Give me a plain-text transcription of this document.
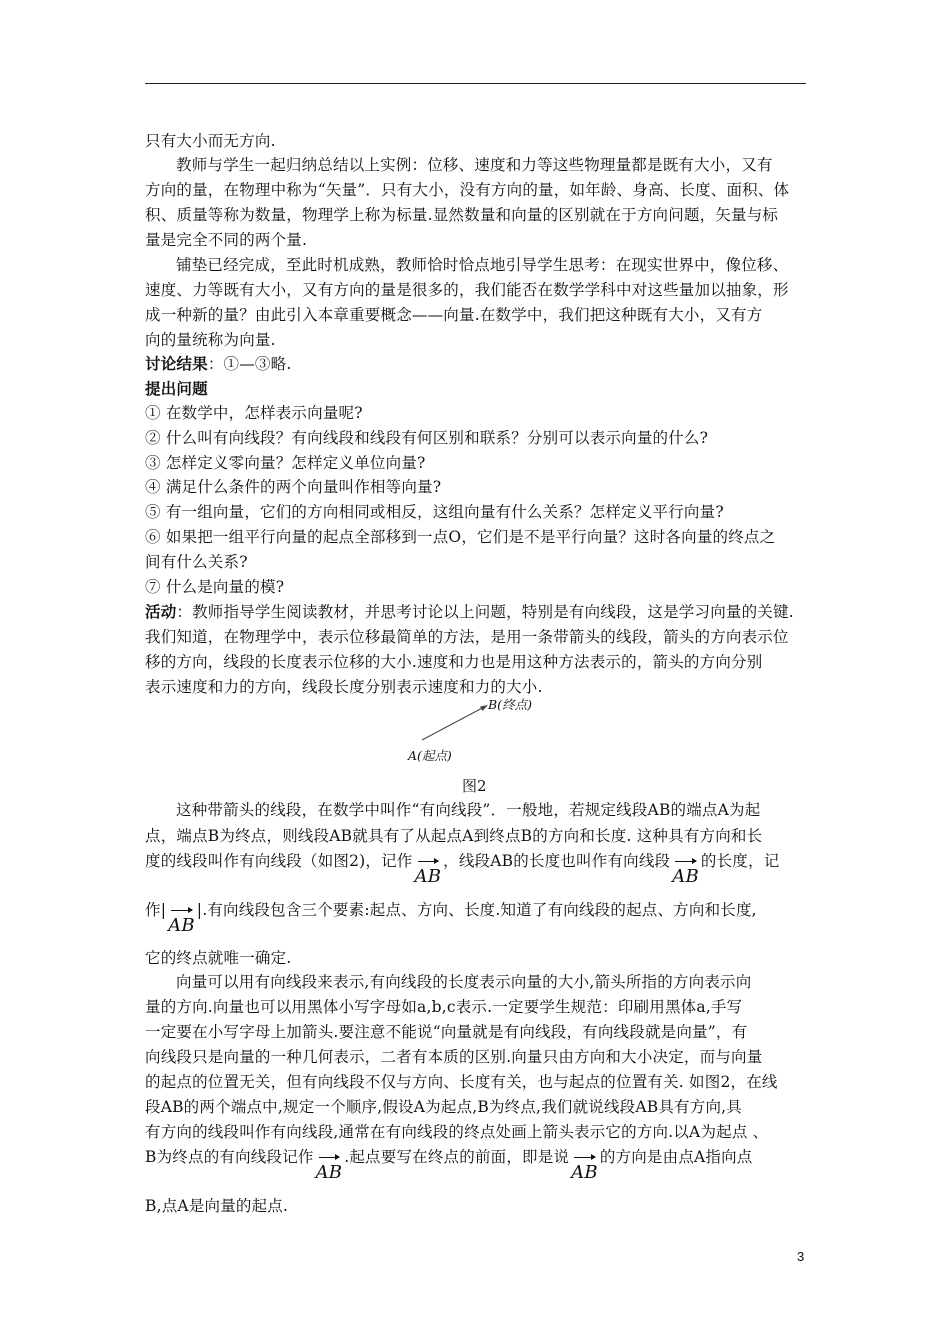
只有大小而无方向.
教师与学生一起归纳总结以上实例：位移、速度和力等这些物理量都是既有大小，又有
方向的量，在物理中称为“矢量”．只有大小，没有方向的量，如年龄、身高、长度、面积、体
积、质量等称为数量，物理学上称为标量.显然数量和向量的区别就在于方向问题，矢量与标
量是完全不同的两个量.
铺垫已经完成，至此时机成熟，教师恰时恰点地引导学生思考：在现实世界中，像位移、
速度、力等既有大小，又有方向的量是很多的，我们能否在数学学科中对这些量加以抽象，形
成一种新的量？由此引入本章重要概念——向量.在数学中，我们把这种既有大小，又有方
向的量统称为向量.
讨论结果：①—③略.
提出问题
① 在数学中，怎样表示向量呢?
② 什么叫有向线段？有向线段和线段有何区别和联系？分别可以表示向量的什么?
③ 怎样定义零向量？怎样定义单位向量?
④ 满足什么条件的两个向量叫作相等向量?
⑤ 有一组向量，它们的方向相同或相反，这组向量有什么关系？怎样定义平行向量?
⑥ 如果把一组平行向量的起点全部移到一点O，它们是不是平行向量？这时各向量的终点之
间有什么关系?
⑦ 什么是向量的模?
活动：教师指导学生阅读教材，并思考讨论以上问题，特别是有向线段，这是学习向量的关键.
我们知道，在物理学中，表示位移最简单的方法，是用一条带箭头的线段，箭头的方向表示位
移的方向，线段的长度表示位移的大小.速度和力也是用这种方法表示的，箭头的方向分别
表示速度和力的方向，线段长度分别表示速度和力的大小.
B(终点)
A(起点)
图2
这种带箭头的线段，在数学中叫作“有向线段”．一般地，若规定线段AB的端点A为起
点，端点B为终点，则线段AB就具有了从起点A到终点B的方向和长度. 这种具有方向和长
度的线段叫作有向线段（如图2)，记作AB，线段AB的长度也叫作有向线段AB的长度，记
作|AB|.有向线段包含三个要素:起点、方向、长度.知道了有向线段的起点、方向和长度,
它的终点就唯一确定.
向量可以用有向线段来表示,有向线段的长度表示向量的大小,箭头所指的方向表示向
量的方向.向量也可以用黑体小写字母如a,b,c表示.一定要学生规范：印刷用黑体a,手写
一定要在小写字母上加箭头.要注意不能说“向量就是有向线段，有向线段就是向量”，有
向线段只是向量的一种几何表示，二者有本质的区别.向量只由方向和大小决定，而与向量
的起点的位置无关，但有向线段不仅与方向、长度有关，也与起点的位置有关. 如图2，在线
段AB的两个端点中,规定一个顺序,假设A为起点,B为终点,我们就说线段AB具有方向,具
有方向的线段叫作有向线段,通常在有向线段的终点处画上箭头表示它的方向.以A为起点 、
B为终点的有向线段记作AB.起点要写在终点的前面，即是说AB的方向是由点A指向点
B,点A是向量的起点.
3
